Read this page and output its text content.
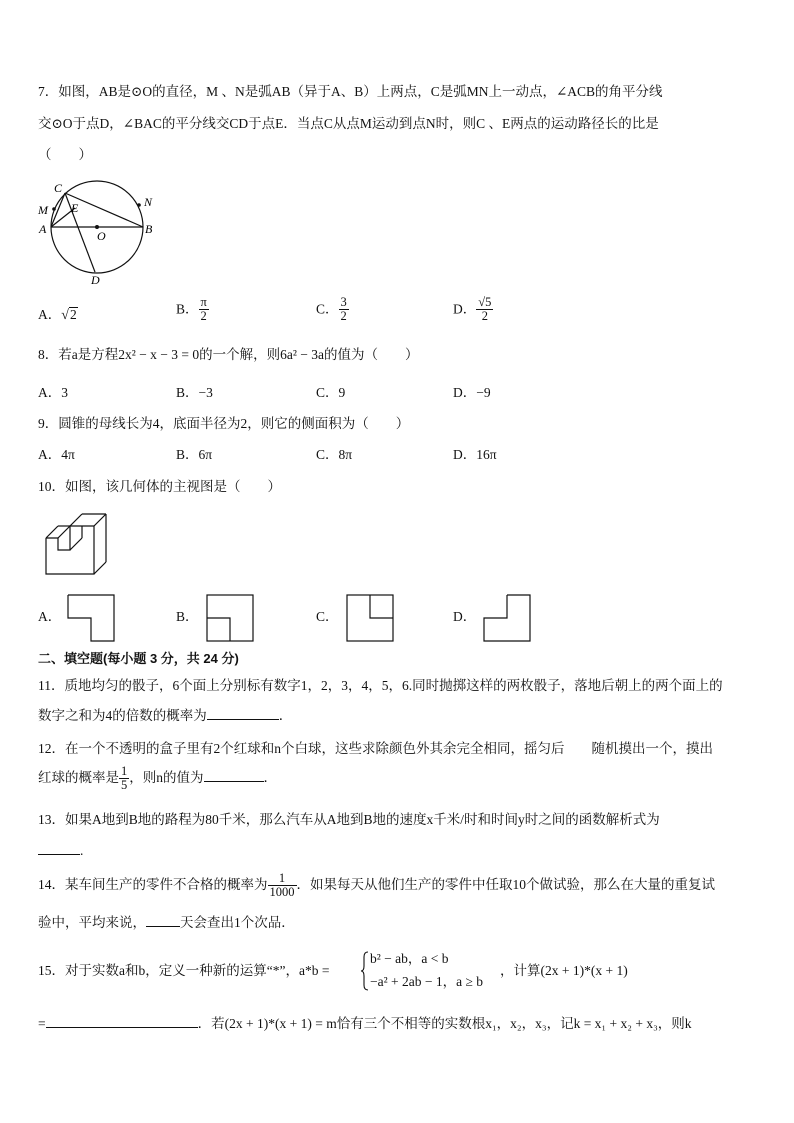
7．如图，AB是⊙O的直径，M 、N是弧AB（异于A、B）上两点，C是弧MN上一动点，∠ACB的角平分线
交⊙O于点D，∠BAC的平分线交CD于点E．当点C从点M运动到点N时，则C 、E两点的运动路径长的比是
（　　）
C
M E	N
A	O	B
D
A．√2	B． $\frac{\pi}{2}$	C． $\frac{3}{2}$	D． $\frac{√5}{2}$
8．若a是方程2x² − x − 3 = 0的一个解，则6a² − 3a的值为（　　）
A．3	B．−3	C．9	D．−9
9．圆锥的母线长为4，底面半径为2，则它的侧面积为（　　）
A．4π	B．6π	C．8π	D．16π
10．如图，该几何体的主视图是（　　）
A．	B．	C．	D．
二、填空题(每小题 3 分，共 24 分)
11．质地均匀的骰子，6个面上分别标有数字1，2，3，4，5，6.同时抛掷这样的两枚骰子，落地后朝上的两个面上的
数字之和为4的倍数的概率为	．
12．在一个不透明的盒子里有2个红球和n个白球，这些求除颜色外其余完全相同，摇匀后　　随机摸出一个，摸出
红球的概率是 $\frac{1}{5}$ ，则n的值为	．
13．如果A地到B地的路程为80千米，那么汽车从A地到B地的速度x千米/时和时间y时之间的函数解析式为
.
14．某车间生产的零件不合格的概率为 $\frac{1}{1000}$ ．如果每天从他们生产的零件中任取10个做试验，那么在大量的重复试
验中，平均来说，	天会查出1个次品．
15．对于实数a和b，定义一种新的运算“*”，a*b =
b² − ab，a < b
−a² + 2ab − 1，a ≥ b
，计算(2x + 1)*(x + 1)
=	．若(2x + 1)*(x + 1) = m恰有三个不相等的实数根x₁，x₂，x₃，记k = x₁ + x₂ + x₃，则k
